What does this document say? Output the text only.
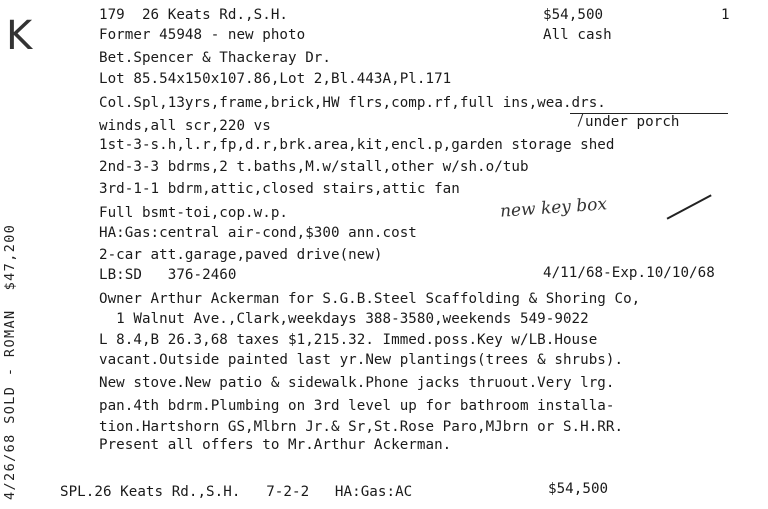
K
4/26/68 SOLD - ROMAN  $47,200
179  26 Keats Rd.,S.H.	$54,500	1
Former 45948 - new photo	All cash
Bet.Spencer & Thackeray Dr.
Lot 85.54x150x107.86,Lot 2,Bl.443A,Pl.171
Col.Spl,13yrs,frame,brick,HW flrs,comp.rf,full ins,wea.drs.
under porch
winds,all scr,220 vs
1st-3-s.h,l.r,fp,d.r,brk.area,kit,encl.p,garden storage shed
2nd-3-3 bdrms,2 t.baths,M.w/stall,other w/sh.o/tub
3rd-1-1 bdrm,attic,closed stairs,attic fan
Full bsmt-toi,cop.w.p.	new key box
HA:Gas:central air-cond,$300 ann.cost
2-car att.garage,paved drive(new)
LB:SD   376-2460	4/11/68-Exp.10/10/68
Owner Arthur Ackerman for S.G.B.Steel Scaffolding & Shoring Co,
1 Walnut Ave.,Clark,weekdays 388-3580,weekends 549-9022
L 8.4,B 26.3,68 taxes $1,215.32. Immed.poss.Key w/LB.House
vacant.Outside painted last yr.New plantings(trees & shrubs).
New stove.New patio & sidewalk.Phone jacks thruout.Very lrg.
pan.4th bdrm.Plumbing on 3rd level up for bathroom installa-
tion.Hartshorn GS,Mlbrn Jr.& Sr,St.Rose Paro,MJbrn or S.H.RR.
Present all offers to Mr.Arthur Ackerman.
SPL.26 Keats Rd.,S.H.   7-2-2   HA:Gas:AC	$54,500
